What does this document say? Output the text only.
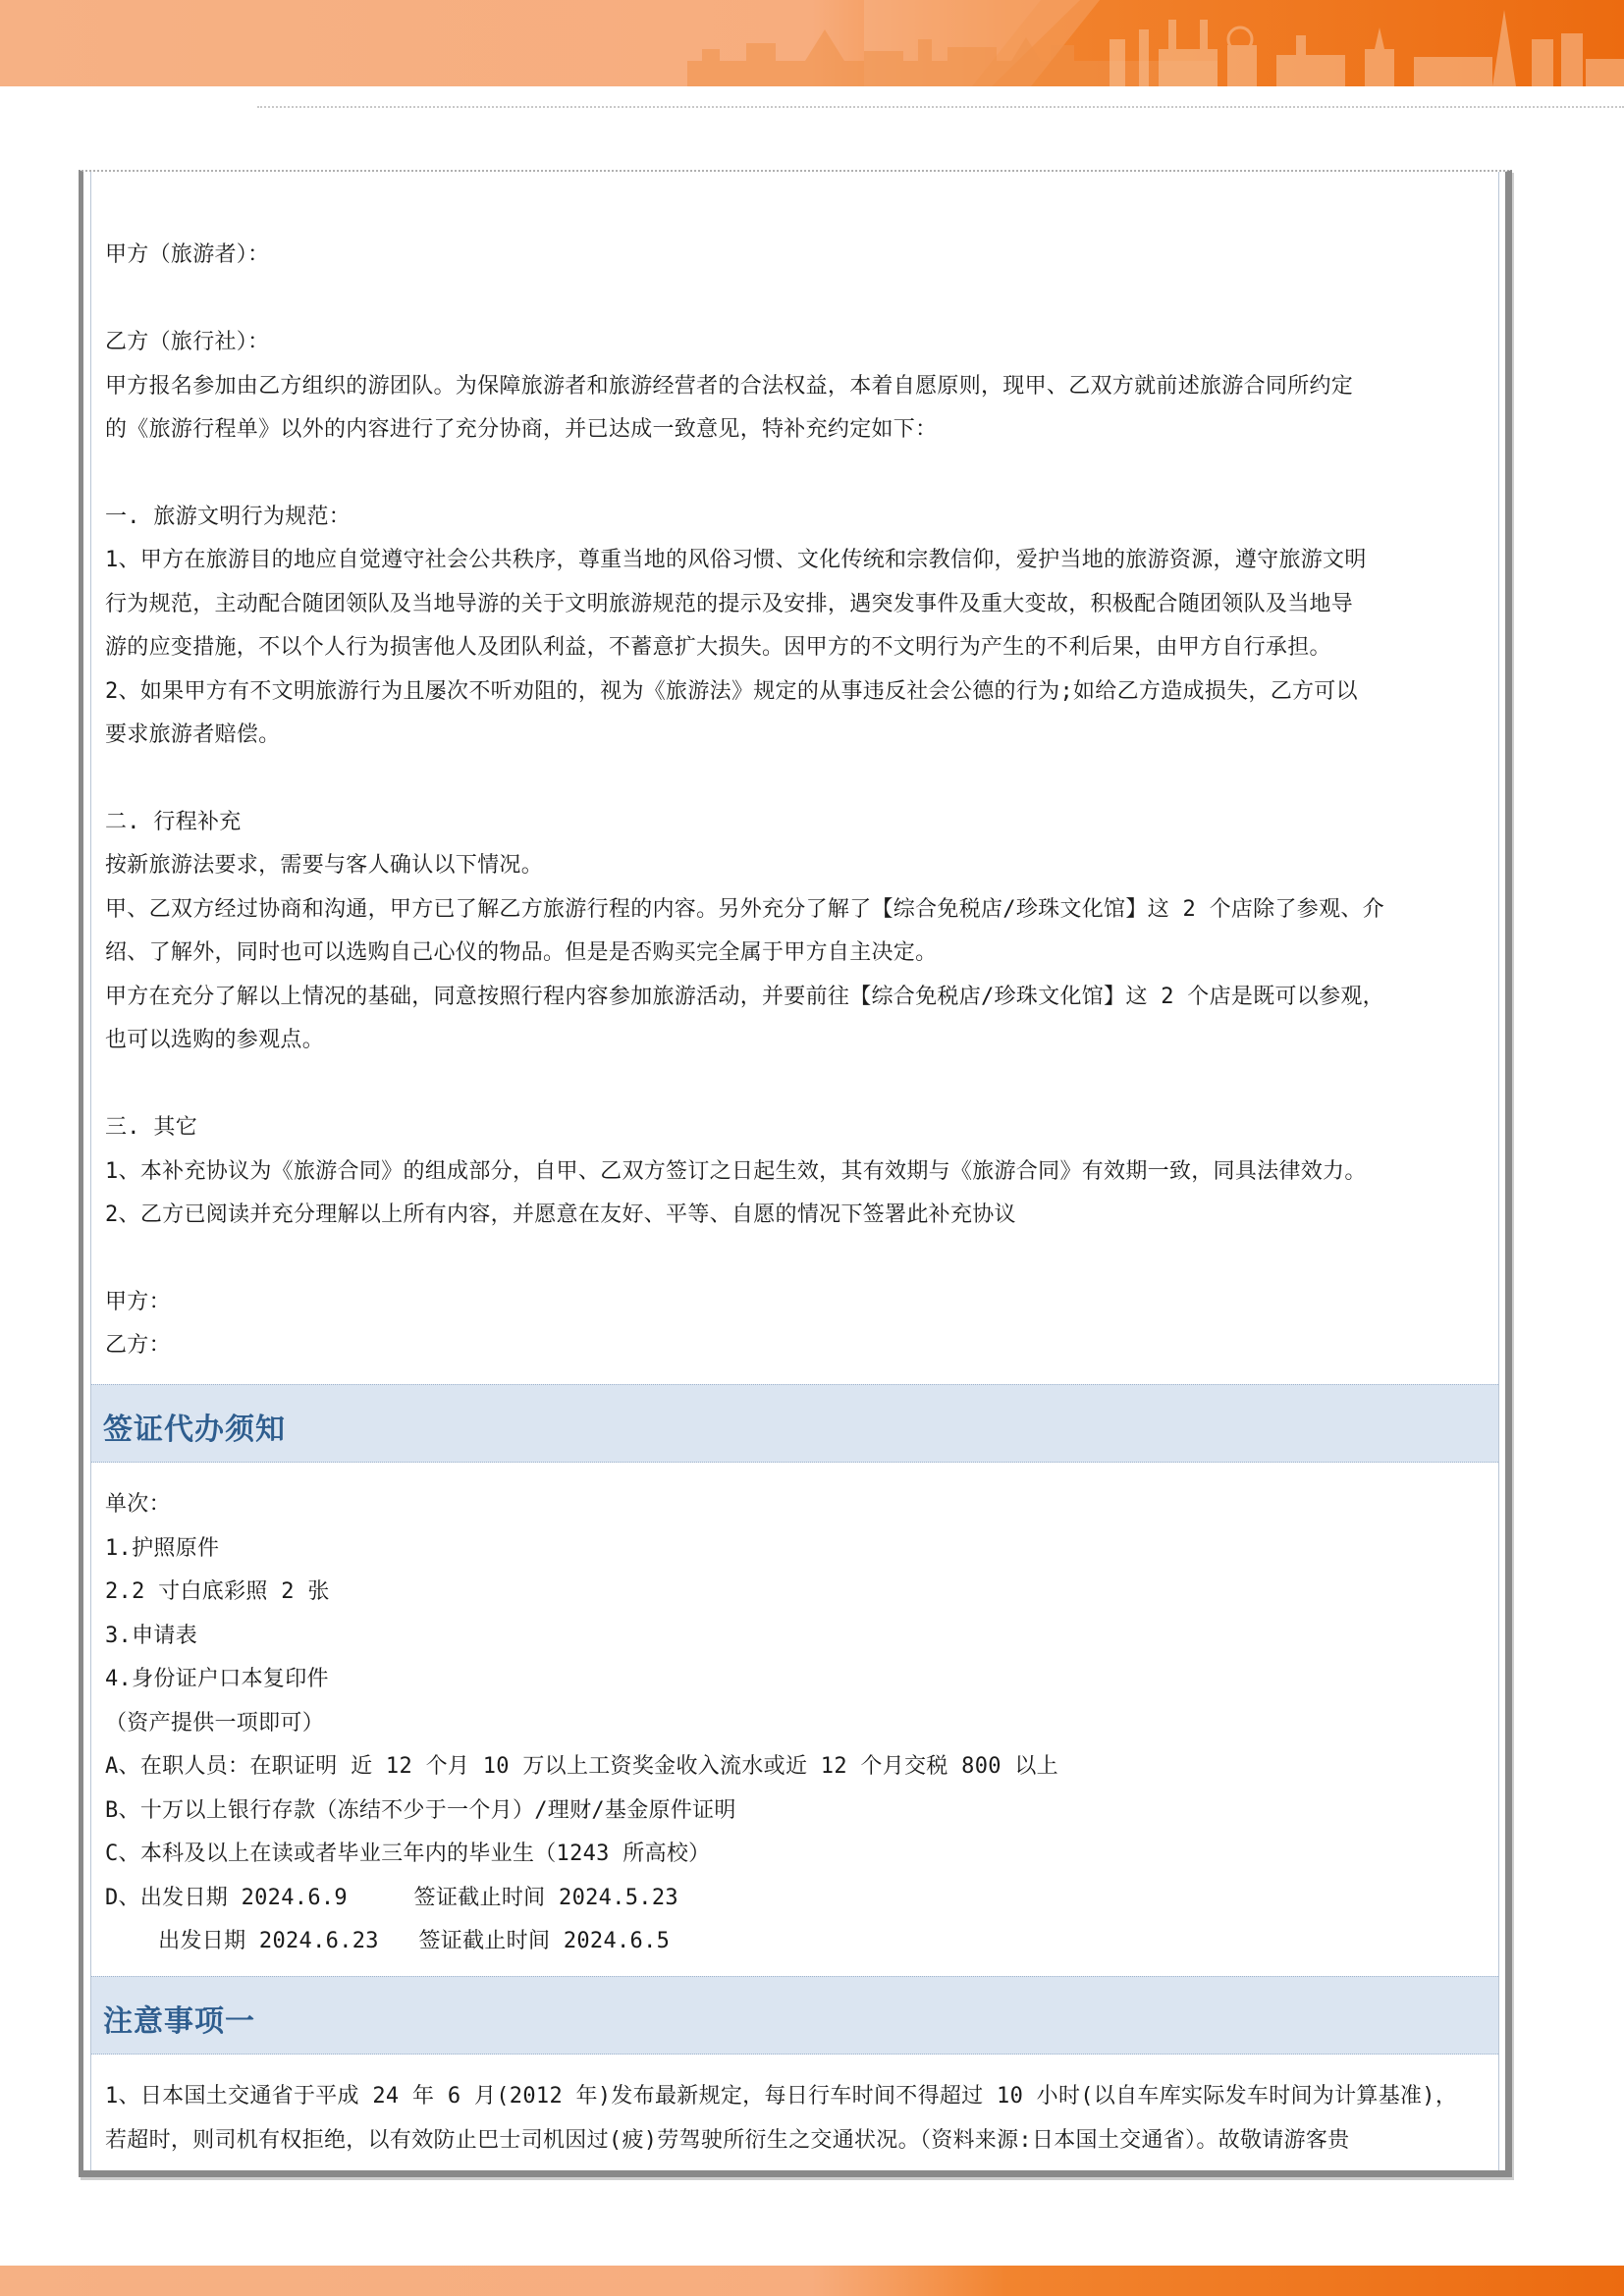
甲方（旅游者）：
乙方（旅行社）：
甲方报名参加由乙方组织的游团队。为保障旅游者和旅游经营者的合法权益，本着自愿原则，现甲、乙双方就前述旅游合同所约定
的《旅游行程单》以外的内容进行了充分协商，并已达成一致意见，特补充约定如下：
一. 旅游文明行为规范：
1、甲方在旅游目的地应自觉遵守社会公共秩序，尊重当地的风俗习惯、文化传统和宗教信仰，爱护当地的旅游资源，遵守旅游文明
行为规范，主动配合随团领队及当地导游的关于文明旅游规范的提示及安排，遇突发事件及重大变故，积极配合随团领队及当地导
游的应变措施，不以个人行为损害他人及团队利益，不蓄意扩大损失。因甲方的不文明行为产生的不利后果，由甲方自行承担。
2、如果甲方有不文明旅游行为且屡次不听劝阻的，视为《旅游法》规定的从事违反社会公德的行为;如给乙方造成损失，乙方可以
要求旅游者赔偿。
二. 行程补充
按新旅游法要求，需要与客人确认以下情况。
甲、乙双方经过协商和沟通，甲方已了解乙方旅游行程的内容。另外充分了解了【综合免税店/珍珠文化馆】这 2 个店除了参观、介
绍、了解外，同时也可以选购自己心仪的物品。但是是否购买完全属于甲方自主决定。
甲方在充分了解以上情况的基础，同意按照行程内容参加旅游活动，并要前往【综合免税店/珍珠文化馆】这 2 个店是既可以参观，
也可以选购的参观点。
三. 其它
1、本补充协议为《旅游合同》的组成部分，自甲、乙双方签订之日起生效，其有效期与《旅游合同》有效期一致，同具法律效力。
2、乙方已阅读并充分理解以上所有内容，并愿意在友好、平等、自愿的情况下签署此补充协议
甲方：
乙方：
签证代办须知
单次：
1.护照原件
2.2 寸白底彩照 2 张
3.申请表
4.身份证户口本复印件
（资产提供一项即可）
A、在职人员：在职证明 近 12 个月 10 万以上工资奖金收入流水或近 12 个月交税 800 以上
B、十万以上银行存款（冻结不少于一个月）/理财/基金原件证明
C、本科及以上在读或者毕业三年内的毕业生（1243 所高校）
D、出发日期 2024.6.9     签证截止时间 2024.5.23
出发日期 2024.6.23   签证截止时间 2024.6.5
注意事项一
1、日本国土交通省于平成 24 年 6 月(2012 年)发布最新规定，每日行车时间不得超过 10 小时(以自车库实际发车时间为计算基准)，
若超时，则司机有权拒绝，以有效防止巴士司机因过(疲)劳驾驶所衍生之交通状况。（资料来源:日本国土交通省）。故敬请游客贵
